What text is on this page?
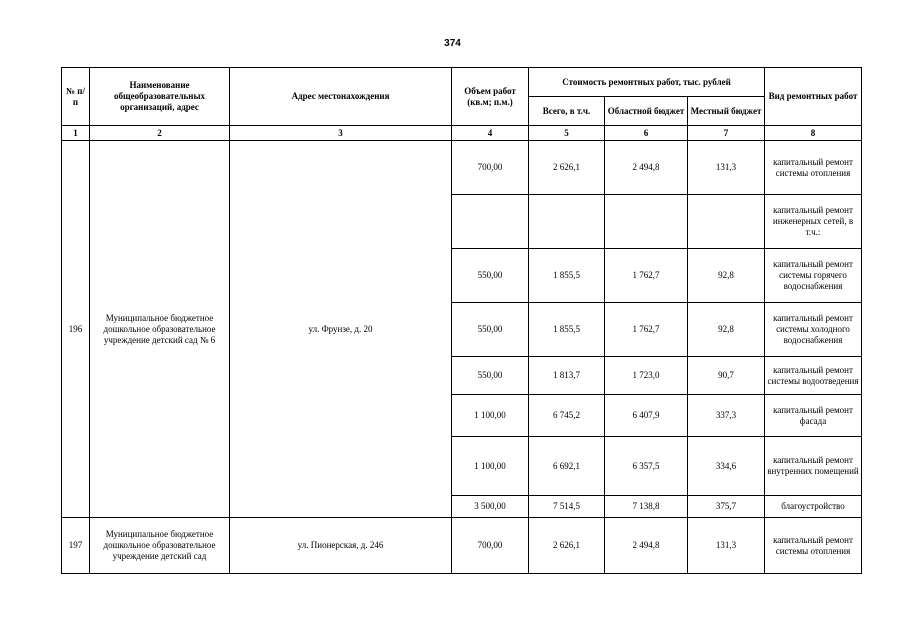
374
№ п/п	Наименование общеобразовательных организаций, адрес	Адрес местонахождения	Объем работ (кв.м; п.м.)	Стоимость ремонтных работ, тыс. рублей			Вид ремонтных работ
				Всего, в т.ч.	Областной бюджет	Местный бюджет	
1	2	3	4	5	6	7	8
196	Муниципальное бюджетное дошкольное образовательное учреждение детский сад № 6	ул. Фрунзе, д. 20	700,00	2 626,1	2 494,8	131,3	капитальный ремонт системы отопления
							капитальный ремонт инженерных сетей, в т.ч.:
			550,00	1 855,5	1 762,7	92,8	капитальный ремонт системы горячего водоснабжения
			550,00	1 855,5	1 762,7	92,8	капитальный ремонт системы холодного водоснабжения
			550,00	1 813,7	1 723,0	90,7	капитальный ремонт системы водоотведения
			1 100,00	6 745,2	6 407,9	337,3	капитальный ремонт фасада
			1 100,00	6 692,1	6 357,5	334,6	капитальный ремонт внутренних помещений
			3 500,00	7 514,5	7 138,8	375,7	благоустройство
197	Муниципальное бюджетное дошкольное образовательное учреждение детский сад	ул. Пионерская, д. 246	700,00	2 626,1	2 494,8	131,3	капитальный ремонт системы отопления
